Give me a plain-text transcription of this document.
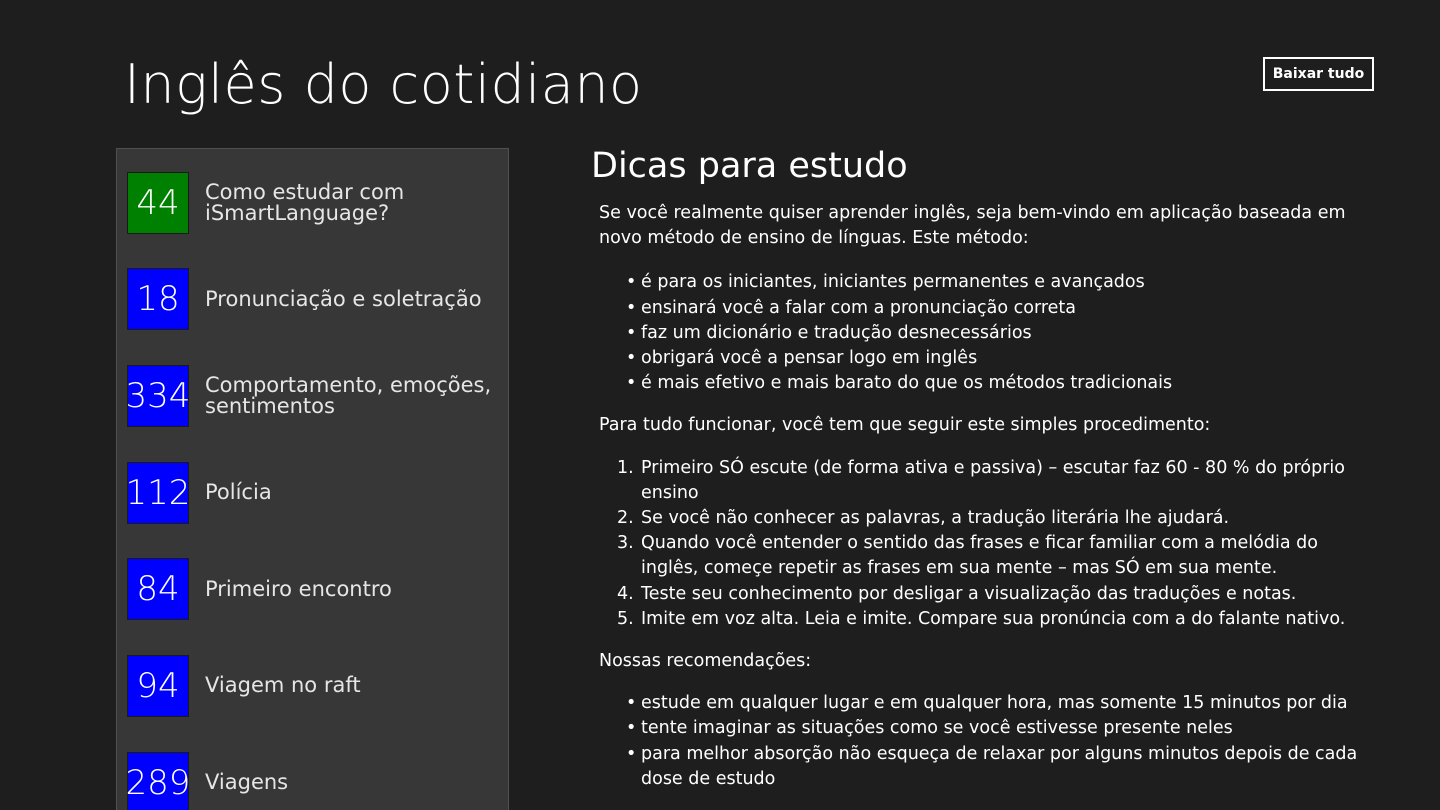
Inglês do cotidiano	Baixar tudo
44	Como estudar com iSmartLanguage?
18	Pronunciação e soletração
334 Comportamento, emoções, sentimentos
112 Polícia
84	Primeiro encontro
94	Viagem no raft
289 Viagens
Dicas para estudo

Se você realmente quiser aprender inglês, seja bem-vindo em aplicação baseada em novo método de ensino de línguas. Este método:

• é para os iniciantes, iniciantes permanentes e avançados
• ensinará você a falar com a pronunciação correta
• faz um dicionário e tradução desnecessários
• obrigará você a pensar logo em inglês
• é mais efetivo e mais barato do que os métodos tradicionais

Para tudo funcionar, você tem que seguir este simples procedimento:

Primeiro SÓ escute (de forma ativa e passiva) – escutar faz 60 - 80 % do próprio ensino
Se você não conhecer as palavras, a tradução literária lhe ajudará.
Quando você entender o sentido das frases e ficar familiar com a melódia do inglês, começe repetir as frases em sua mente – mas SÓ em sua mente.
Teste seu conhecimento por desligar a visualização das traduções e notas.
Imite em voz alta. Leia e imite. Compare sua pronúncia com a do falante nativo.

Nossas recomendações:

• estude em qualquer lugar e em qualquer hora, mas somente 15 minutos por dia
• tente imaginar as situações como se você estivesse presente neles
• para melhor absorção não esqueça de relaxar por alguns minutos depois de cada dose de estudo
